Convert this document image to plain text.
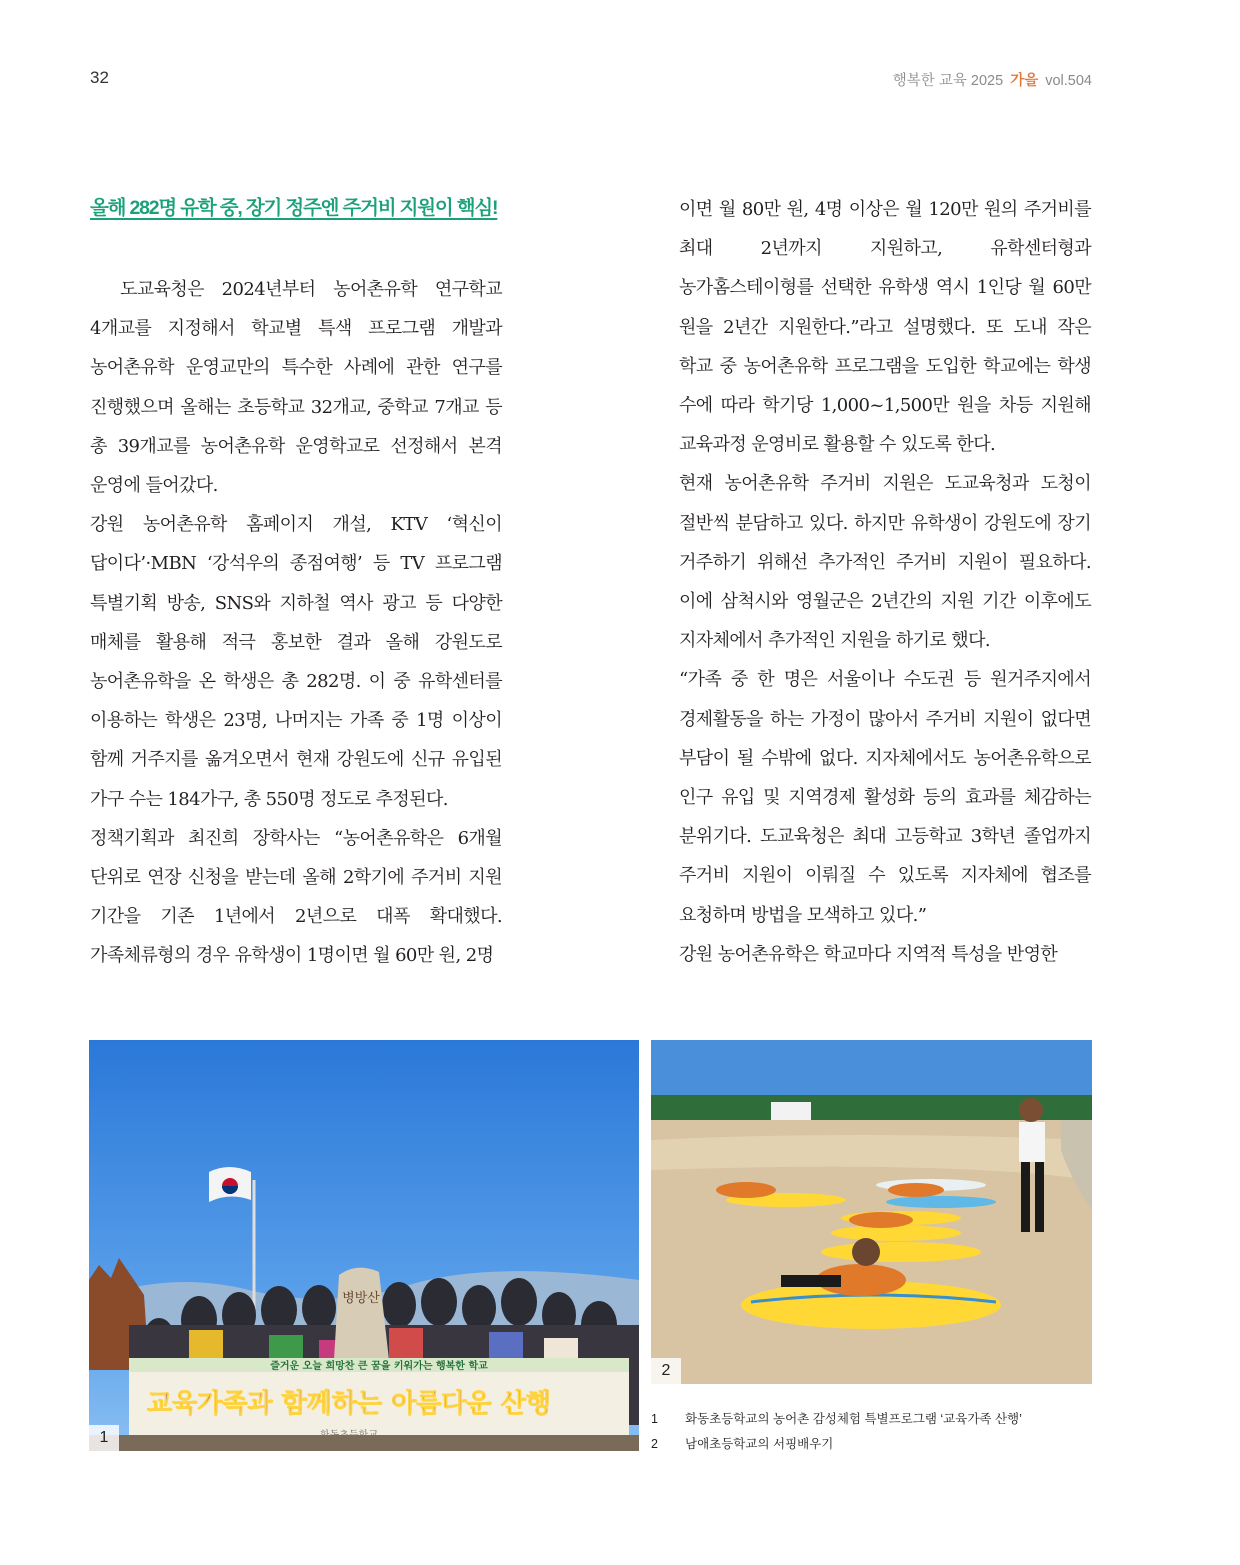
32	행복한 교육 2025 가을 vol.504
올해 282명 유학 중, 장기 정주엔 주거비 지원이 핵심!

도교육청은 2024년부터 농어촌유학 연구학교 4개교를 지정해서 학교별 특색 프로그램 개발과 농어촌유학 운영교만의 특수한 사례에 관한 연구를 진행했으며 올해는 초등학교 32개교, 중학교 7개교 등 총 39개교를 농어촌유학 운영학교로 선정해서 본격 운영에 들어갔다.

강원 농어촌유학 홈페이지 개설, KTV ‘혁신이 답이다’·MBN ‘강석우의 종점여행’ 등 TV 프로그램 특별기획 방송, SNS와 지하철 역사 광고 등 다양한 매체를 활용해 적극 홍보한 결과 올해 강원도로 농어촌유학을 온 학생은 총 282명. 이 중 유학센터를 이용하는 학생은 23명, 나머지는 가족 중 1명 이상이 함께 거주지를 옮겨오면서 현재 강원도에 신규 유입된 가구 수는 184가구, 총 550명 정도로 추정된다.

정책기획과 최진희 장학사는 “농어촌유학은 6개월 단위로 연장 신청을 받는데 올해 2학기에 주거비 지원 기간을 기존 1년에서 2년으로 대폭 확대했다. 가족체류형의 경우 유학생이 1명이면 월 60만 원, 2명

이면 월 80만 원, 4명 이상은 월 120만 원의 주거비를 최대 2년까지 지원하고, 유학센터형과 농가홈스테이형를 선택한 유학생 역시 1인당 월 60만 원을 2년간 지원한다.”라고 설명했다. 또 도내 작은 학교 중 농어촌유학 프로그램을 도입한 학교에는 학생 수에 따라 학기당 1,000~1,500만 원을 차등 지원해 교육과정 운영비로 활용할 수 있도록 한다.

현재 농어촌유학 주거비 지원은 도교육청과 도청이 절반씩 분담하고 있다. 하지만 유학생이 강원도에 장기 거주하기 위해선 추가적인 주거비 지원이 필요하다. 이에 삼척시와 영월군은 2년간의 지원 기간 이후에도 지자체에서 추가적인 지원을 하기로 했다.

“가족 중 한 명은 서울이나 수도권 등 원거주지에서 경제활동을 하는 가정이 많아서 주거비 지원이 없다면 부담이 될 수밖에 없다. 지자체에서도 농어촌유학으로 인구 유입 및 지역경제 활성화 등의 효과를 체감하는 분위기다. 도교육청은 최대 고등학교 3학년 졸업까지 주거비 지원이 이뤄질 수 있도록 지자체에 협조를 요청하며 방법을 모색하고 있다.”

강원 농어촌유학은 학교마다 지역적 특성을 반영한

병방산
즐거운 오늘 희망찬 큰 꿈을 키워가는 행복한 학교
교육가족과 함께하는 아름다운 산행
1
2
1 화동초등학교의 농어촌 감성체험 특별프로그램 ‘교육가족 산행’
2 남애초등학교의 서핑배우기
